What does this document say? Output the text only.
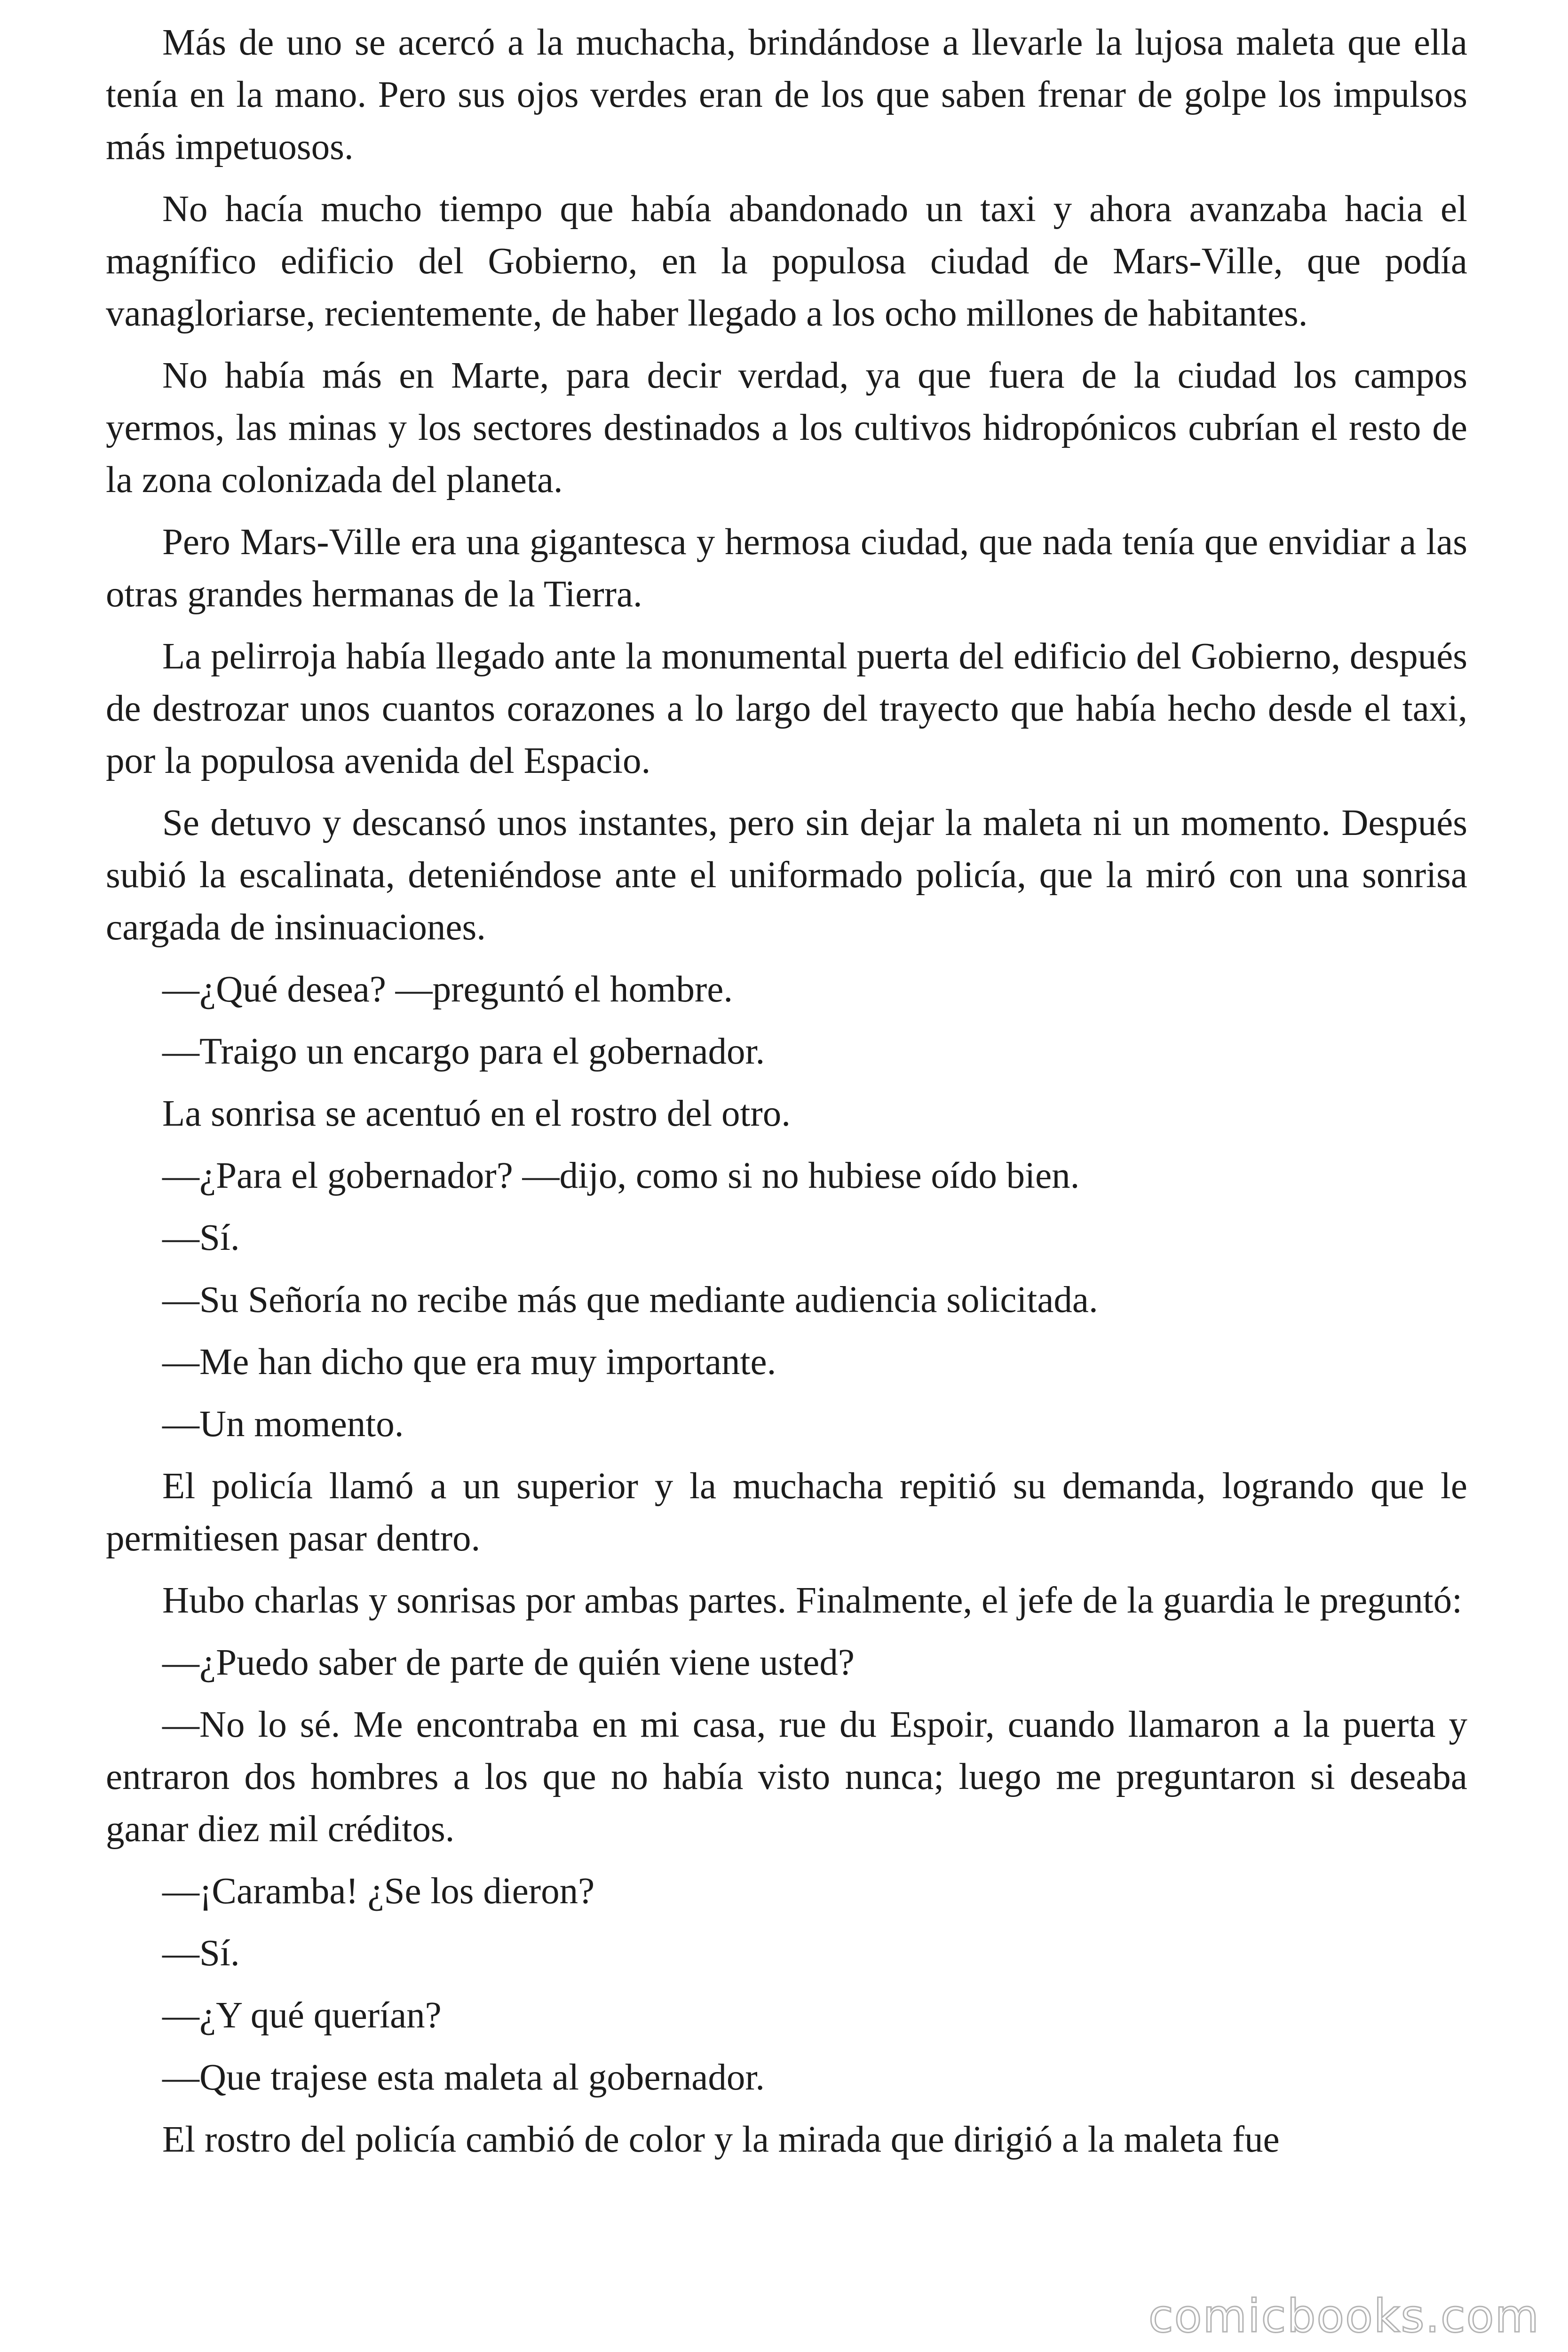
Más de uno se acercó a la muchacha, brindándose a llevarle la lujosa maleta que ella tenía en la mano. Pero sus ojos verdes eran de los que saben frenar de golpe los impulsos más impetuosos.

No hacía mucho tiempo que había abandonado un taxi y ahora avanzaba hacia el magnífico edificio del Gobierno, en la populosa ciudad de Mars-Ville, que podía vanagloriarse, recientemente, de haber llegado a los ocho millones de habitantes.

No había más en Marte, para decir verdad, ya que fuera de la ciudad los campos yermos, las minas y los sectores destinados a los cultivos hidropónicos cubrían el resto de la zona colonizada del planeta.

Pero Mars-Ville era una gigantesca y hermosa ciudad, que nada tenía que envidiar a las otras grandes hermanas de la Tierra.

La pelirroja había llegado ante la monumental puerta del edificio del Gobierno, después de destrozar unos cuantos corazones a lo largo del trayecto que había hecho desde el taxi, por la populosa avenida del Espacio.

Se detuvo y descansó unos instantes, pero sin dejar la maleta ni un momento. Después subió la escalinata, deteniéndose ante el uniformado policía, que la miró con una sonrisa cargada de insinuaciones.

—¿Qué desea? —preguntó el hombre.

—Traigo un encargo para el gobernador.

La sonrisa se acentuó en el rostro del otro.

—¿Para el gobernador? —dijo, como si no hubiese oído bien.

—Sí.

—Su Señoría no recibe más que mediante audiencia solicitada.

—Me han dicho que era muy importante.

—Un momento.

El policía llamó a un superior y la muchacha repitió su demanda, logrando que le permitiesen pasar dentro.

Hubo charlas y sonrisas por ambas partes. Finalmente, el jefe de la guardia le preguntó:

—¿Puedo saber de parte de quién viene usted?

—No lo sé. Me encontraba en mi casa, rue du Espoir, cuando llamaron a la puerta y entraron dos hombres a los que no había visto nunca; luego me preguntaron si deseaba ganar diez mil créditos.

—¡Caramba! ¿Se los dieron?

—Sí.

—¿Y qué querían?

—Que trajese esta maleta al gobernador.

El rostro del policía cambió de color y la mirada que dirigió a la maleta fue

comicbooks.com
